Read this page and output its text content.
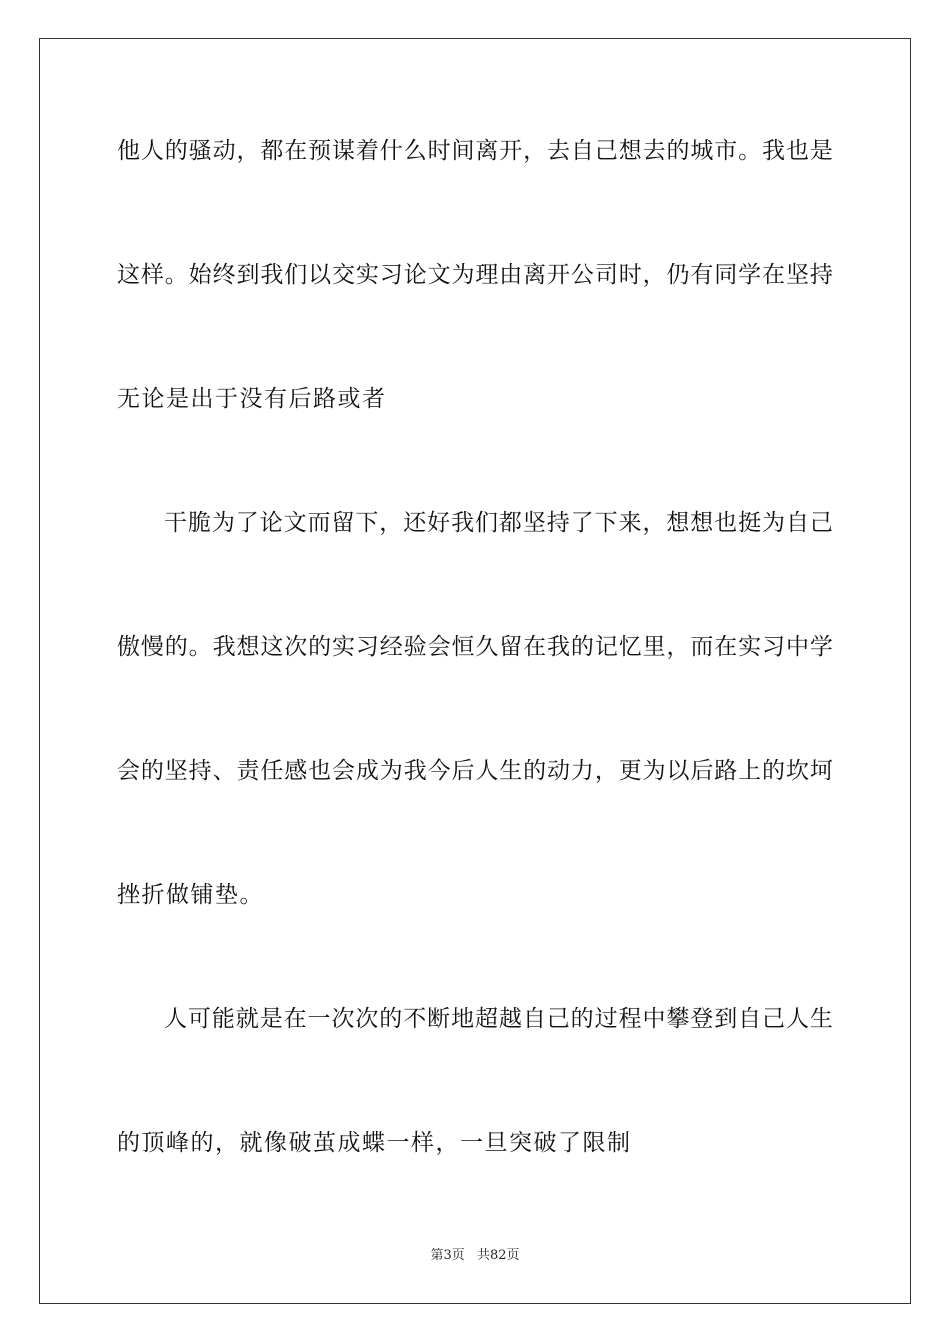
他 人 的 骚 动 ， 都 在 预 谋 着 什 么 时 间 离 开 ， 去 自 己 想 去 的 城 市 。 我 也 是
这 样 。 始 终 到 我 们 以 交 实 习 论 文 为 理 由 离 开 公 司 时 ， 仍 有 同 学 在 坚 持
无论是出于没有后路或者
干 脆 为 了 论 文 而 留 下 ， 还 好 我 们 都 坚 持 了 下 来 ， 想 想 也 挺 为 自 己
傲 慢 的 。 我 想 这 次 的 实 习 经 验 会 恒 久 留 在 我 的 记 忆 里 ， 而 在 实 习 中 学
会 的 坚 持 、 责 任 感 也 会 成 为 我 今 后 人 生 的 动 力 ， 更 为 以 后 路 上 的 坎 坷
挫折做铺垫。
人 可 能 就 是 在 一 次 次 的 不 断 地 超 越 自 己 的 过 程 中 攀 登 到 自 己 人 生
的顶峰的，就像破茧成蝶一样，一旦突破了限制
第3页 共82页
